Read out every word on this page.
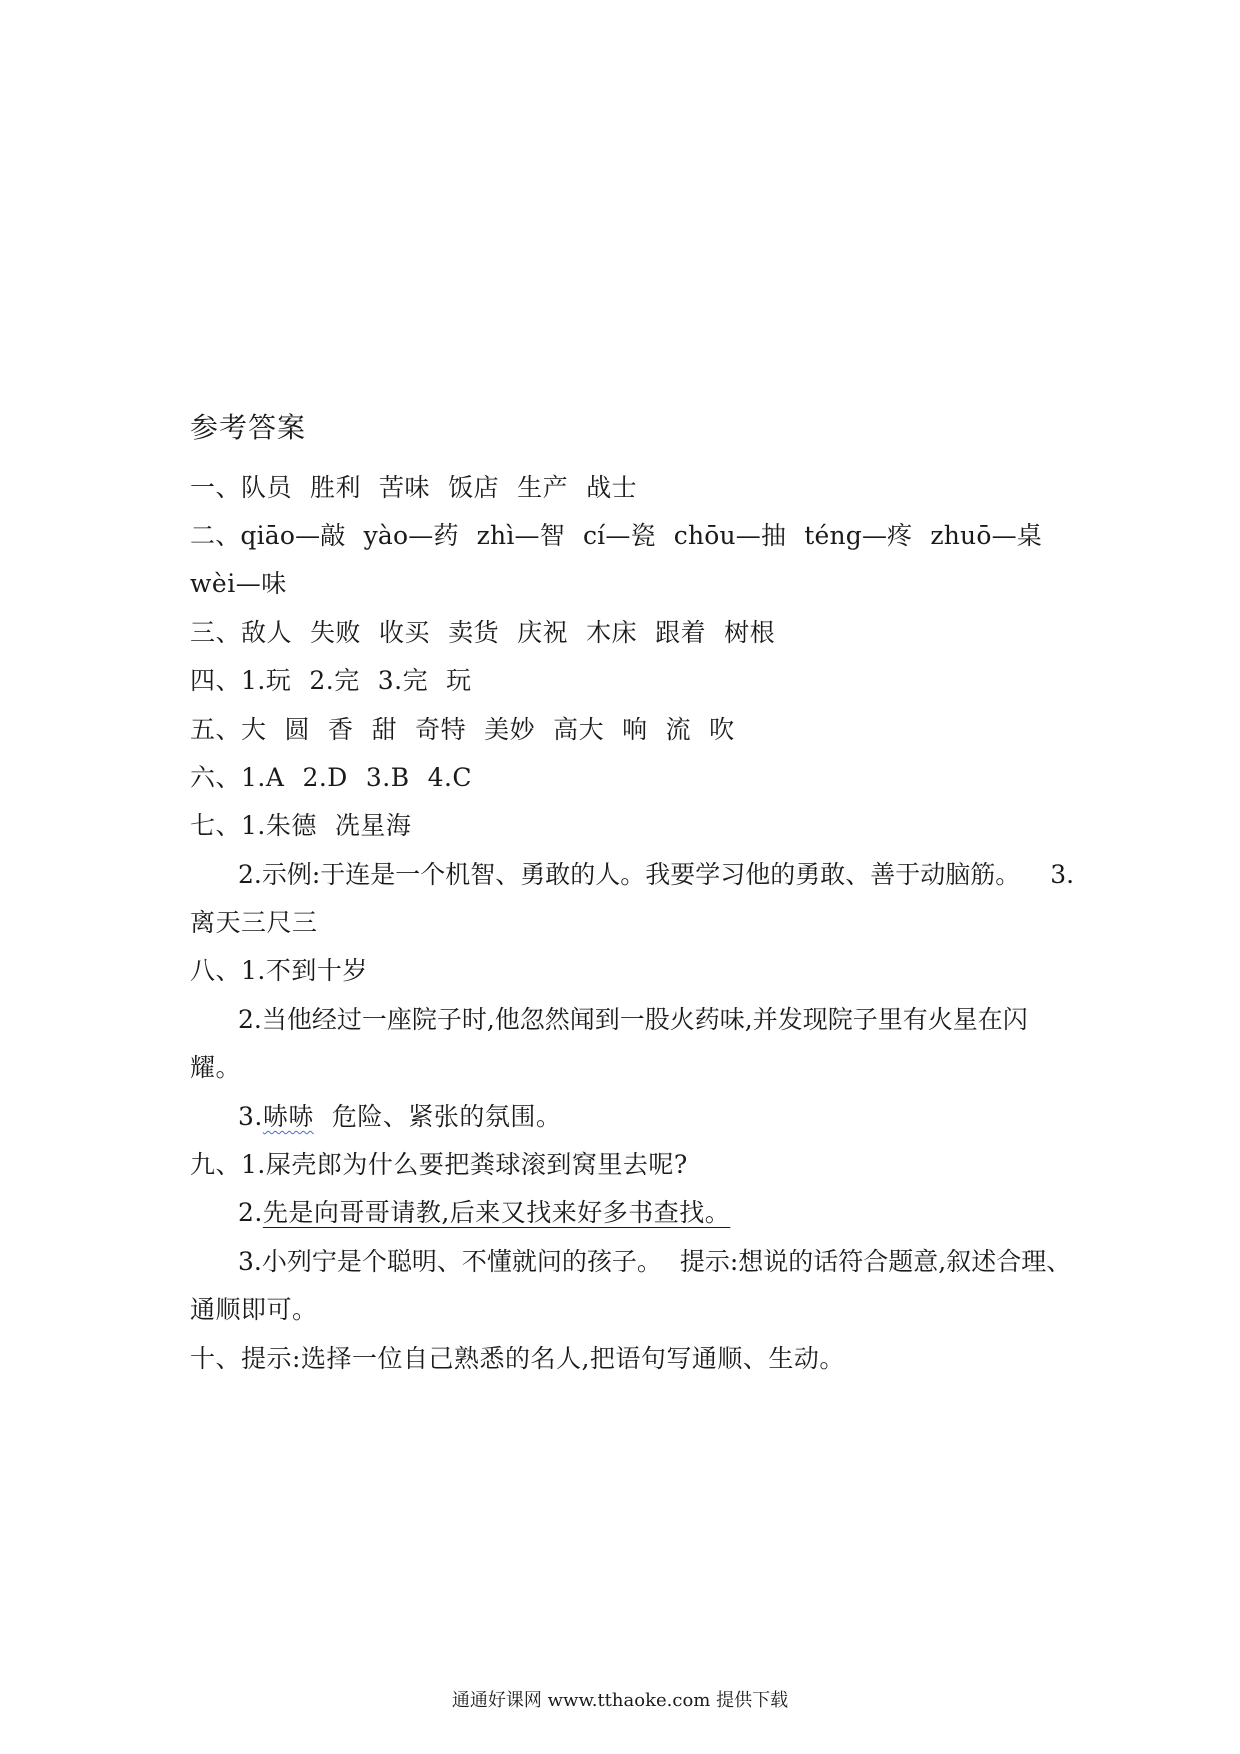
参考答案
一、队员 胜利 苦味 饭店 生产 战士
二、qiāo—敲 yào—药 zhì—智 cí—瓷 chōu—抽 téng—疼 zhuō—桌
wèi—味
三、敌人 失败 收买 卖货 庆祝 木床 跟着 树根
四、1.玩 2.完 3.完 玩
五、大 圆 香 甜 奇特 美妙 高大 响 流 吹
六、1.A 2.D 3.B 4.C
七、1.朱德 冼星海
2.示例:于连是一个机智、勇敢的人。我要学习他的勇敢、善于动脑筋。 3.
离天三尺三
八、1.不到十岁
2.当他经过一座院子时,他忽然闻到一股火药味,并发现院子里有火星在闪
耀。
3.哧哧 危险、紧张的氛围。
九、1.屎壳郎为什么要把粪球滚到窝里去呢?
2.先是向哥哥请教,后来又找来好多书查找。
3.小列宁是个聪明、不懂就问的孩子。 提示:想说的话符合题意,叙述合理、
通顺即可。
十、提示:选择一位自己熟悉的名人,把语句写通顺、生动。
通通好课网 www.tthaoke.com 提供下载
